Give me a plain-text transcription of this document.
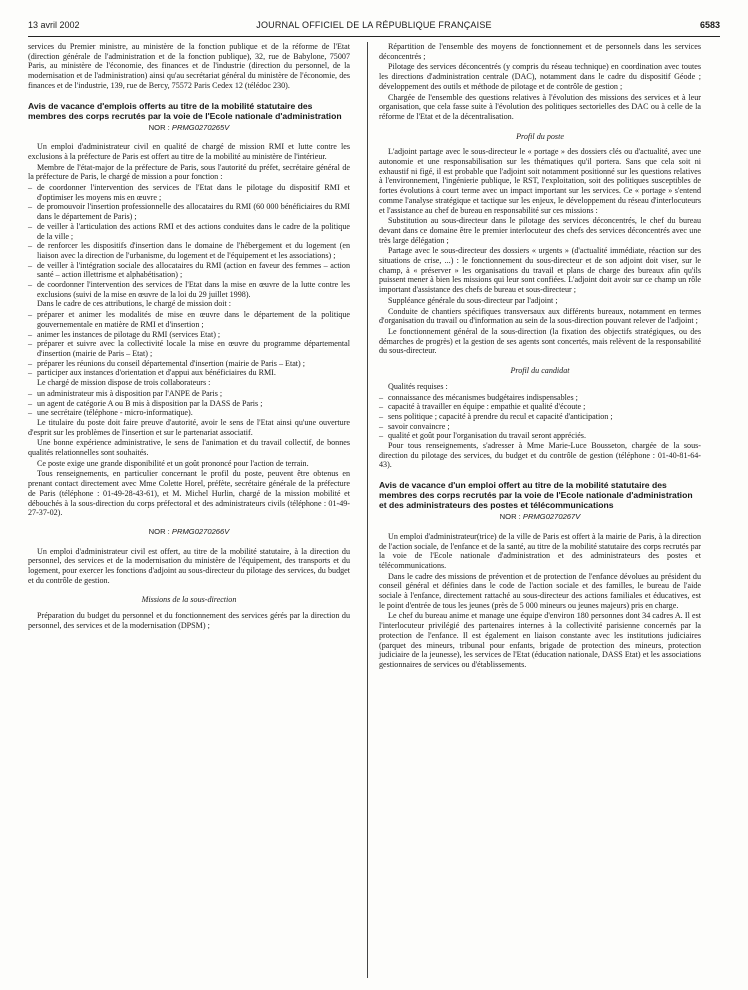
13 avril 2002	JOURNAL OFFICIEL DE LA RÉPUBLIQUE FRANÇAISE	6583

services du Premier ministre, au ministère de la fonction publique et de la réforme de l'Etat (direction générale de l'administration et de la fonction publique), 32, rue de Babylone, 75007 Paris, au ministère de l'économie, des finances et de l'industrie (direction du personnel, de la modernisation et de l'administration) ainsi qu'au secrétariat général du ministère de l'économie, des finances et de l'industrie, 139, rue de Bercy, 75572 Paris Cedex 12 (télédoc 230).

Avis de vacance d'emplois offerts au titre de la mobilité statutaire des membres des corps recrutés par la voie de l'Ecole nationale d'administration
NOR : PRMG0270265V

Un emploi d'administrateur civil en qualité de chargé de mission RMI et lutte contre les exclusions à la préfecture de Paris est offert au titre de la mobilité au ministère de l'intérieur.

Membre de l'état-major de la préfecture de Paris, sous l'autorité du préfet, secrétaire général de la préfecture de Paris, le chargé de mission a pour fonction :

– de coordonner l'intervention des services de l'Etat dans le pilotage du dispositif RMI et d'optimiser les moyens mis en œuvre ;
– de promouvoir l'insertion professionnelle des allocataires du RMI (60 000 bénéficiaires du RMI dans le département de Paris) ;
– de veiller à l'articulation des actions RMI et des actions conduites dans le cadre de la politique de la ville ;
– de renforcer les dispositifs d'insertion dans le domaine de l'hébergement et du logement (en liaison avec la direction de l'urbanisme, du logement et de l'équipement et les associations) ;
– de veiller à l'intégration sociale des allocataires du RMI (action en faveur des femmes – action santé – action illettrisme et alphabétisation) ;
– de coordonner l'intervention des services de l'Etat dans la mise en œuvre de la lutte contre les exclusions (suivi de la mise en œuvre de la loi du 29 juillet 1998).

Dans le cadre de ces attributions, le chargé de mission doit :

– préparer et animer les modalités de mise en œuvre dans le département de la politique gouvernementale en matière de RMI et d'insertion ;
– animer les instances de pilotage du RMI (services Etat) ;
– préparer et suivre avec la collectivité locale la mise en œuvre du programme départemental d'insertion (mairie de Paris – Etat) ;
– préparer les réunions du conseil départemental d'insertion (mairie de Paris – Etat) ;
– participer aux instances d'orientation et d'appui aux bénéficiaires du RMI.

Le chargé de mission dispose de trois collaborateurs :

– un administrateur mis à disposition par l'ANPE de Paris ;
– un agent de catégorie A ou B mis à disposition par la DASS de Paris ;
– une secrétaire (téléphone - micro-informatique).

Le titulaire du poste doit faire preuve d'autorité, avoir le sens de l'Etat ainsi qu'une ouverture d'esprit sur les problèmes de l'insertion et sur le partenariat associatif.

Une bonne expérience administrative, le sens de l'animation et du travail collectif, de bonnes qualités relationnelles sont souhaités.

Ce poste exige une grande disponibilité et un goût prononcé pour l'action de terrain.

Tous renseignements, en particulier concernant le profil du poste, peuvent être obtenus en prenant contact directement avec Mme Colette Horel, préfète, secrétaire générale de la préfecture de Paris (téléphone : 01-49-28-43-61), et M. Michel Hurlin, chargé de la mission mobilité et débouchés à la sous-direction du corps préfectoral et des administrateurs civils (téléphone : 01-49-27-37-02).

NOR : PRMG0270266V

Un emploi d'administrateur civil est offert, au titre de la mobilité statutaire, à la direction du personnel, des services et de la modernisation du ministère de l'équipement, des transports et du logement, pour exercer les fonctions d'adjoint au sous-directeur du pilotage des services, du budget et du contrôle de gestion.

Missions de la sous-direction

Préparation du budget du personnel et du fonctionnement des services gérés par la direction du personnel, des services et de la modernisation (DPSM) ;

Répartition de l'ensemble des moyens de fonctionnement et de personnels dans les services déconcentrés ;

Pilotage des services déconcentrés (y compris du réseau technique) en coordination avec toutes les directions d'administration centrale (DAC), notamment dans le cadre du dispositif Géode ; développement des outils et méthode de pilotage et de contrôle de gestion ;

Chargée de l'ensemble des questions relatives à l'évolution des missions des services et à leur organisation, que cela fasse suite à l'évolution des politiques sectorielles des DAC ou à celle de la réforme de l'Etat et de la décentralisation.

Profil du poste

L'adjoint partage avec le sous-directeur le « portage » des dossiers clés ou d'actualité, avec une autonomie et une responsabilisation sur les thématiques qu'il portera. Sans que cela soit ni exhaustif ni figé, il est probable que l'adjoint soit notamment positionné sur les questions relatives à l'environnement, l'ingénierie publique, le RST, l'exploitation, soit des politiques susceptibles de fortes évolutions à court terme avec un impact important sur les services. Ce « portage » s'entend comme l'analyse stratégique et tactique sur les enjeux, le développement du réseau d'interlocuteurs et l'assistance au chef de bureau en responsabilité sur ces missions :

Substitution au sous-directeur dans le pilotage des services déconcentrés, le chef du bureau devant dans ce domaine être le premier interlocuteur des chefs des services déconcentrés avec une très large délégation ;

Partage avec le sous-directeur des dossiers « urgents » (d'actualité immédiate, réaction sur des situations de crise, ...) : le fonctionnement du sous-directeur et de son adjoint doit viser, sur le champ, à « préserver » les organisations du travail et plans de charge des bureaux afin qu'ils puissent mener à bien les missions qui leur sont confiées. L'adjoint doit avoir sur ce champ un rôle important d'assistance des chefs de bureau et sous-directeur ;

Suppléance générale du sous-directeur par l'adjoint ;

Conduite de chantiers spécifiques transversaux aux différents bureaux, notamment en termes d'organisation du travail ou d'information au sein de la sous-direction pouvant relever de l'adjoint ;

Le fonctionnement général de la sous-direction (la fixation des objectifs stratégiques, ou des démarches de progrès) et la gestion de ses agents sont concertés, mais relèvent de la responsabilité du sous-directeur.

Profil du candidat

Qualités requises :

– connaissance des mécanismes budgétaires indispensables ;
– capacité à travailler en équipe : empathie et qualité d'écoute ;
– sens politique ; capacité à prendre du recul et capacité d'anticipation ;
– savoir convaincre ;
– qualité et goût pour l'organisation du travail seront appréciés.

Pour tous renseignements, s'adresser à Mme Marie-Luce Bousseton, chargée de la sous-direction du pilotage des services, du budget et du contrôle de gestion (téléphone : 01-40-81-64-43).

Avis de vacance d'un emploi offert au titre de la mobilité statutaire des membres des corps recrutés par la voie de l'Ecole nationale d'administration et des administrateurs des postes et télécommunications
NOR : PRMG0270267V

Un emploi d'administrateur(trice) de la ville de Paris est offert à la mairie de Paris, à la direction de l'action sociale, de l'enfance et de la santé, au titre de la mobilité statutaire des corps recrutés par la voie de l'Ecole nationale d'administration et des administrateurs des postes et télécommunications.

Dans le cadre des missions de prévention et de protection de l'enfance dévolues au président du conseil général et définies dans le code de l'action sociale et des familles, le bureau de l'aide sociale à l'enfance, directement rattaché au sous-directeur des actions familiales et éducatives, est le point d'entrée de tous les jeunes (près de 5 000 mineurs ou jeunes majeurs) pris en charge.

Le chef du bureau anime et manage une équipe d'environ 180 personnes dont 34 cadres A. Il est l'interlocuteur privilégié des partenaires internes à la collectivité parisienne concernés par la protection de l'enfance. Il est également en liaison constante avec les institutions judiciaires (parquet des mineurs, tribunal pour enfants, brigade de protection des mineurs, protection judiciaire de la jeunesse), les services de l'Etat (éducation nationale, DASS Etat) et les associations gestionnaires de services ou d'établissements.
